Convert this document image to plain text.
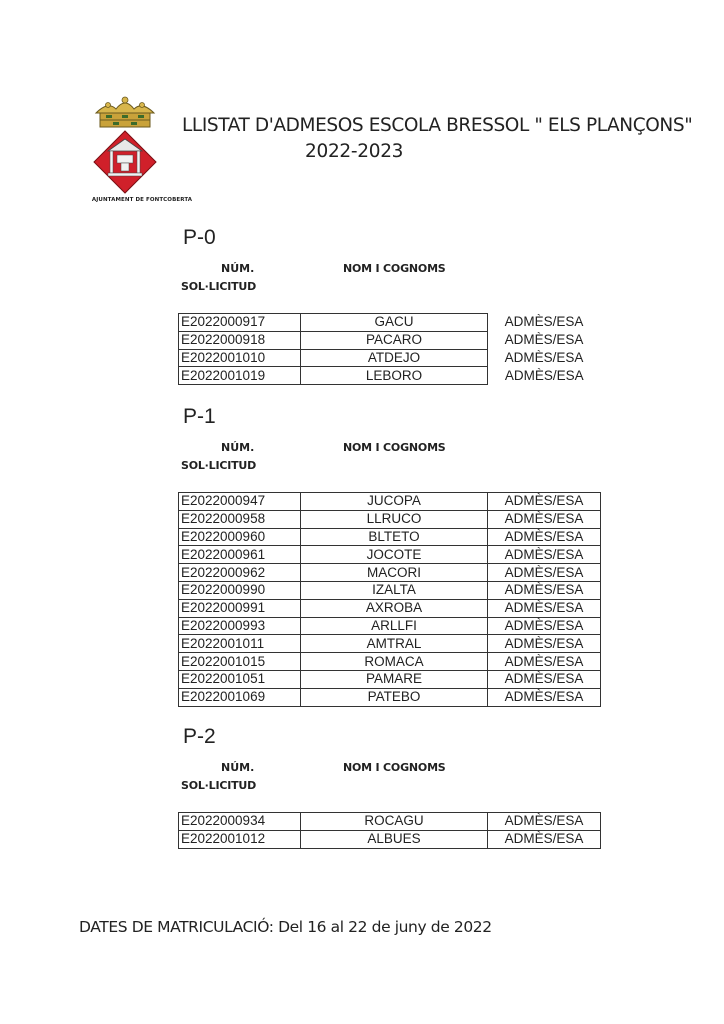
AJUNTAMENT DE FONTCOBERTA
LLISTAT D'ADMESOS ESCOLA BRESSOL " ELS PLANÇONS"
2022-2023
P-0
NÚM.	NOM I COGNOMS
SOL·LICITUD
E2022000917	GACU	ADMÈS/ESA
E2022000918	PACARO	ADMÈS/ESA
E2022001010	ATDEJO	ADMÈS/ESA
E2022001019	LEBORO	ADMÈS/ESA
P-1
NÚM.	NOM I COGNOMS
SOL·LICITUD
E2022000947	JUCOPA	ADMÈS/ESA
E2022000958	LLRUCO	ADMÈS/ESA
E2022000960	BLTETO	ADMÈS/ESA
E2022000961	JOCOTE	ADMÈS/ESA
E2022000962	MACORI	ADMÈS/ESA
E2022000990	IZALTA	ADMÈS/ESA
E2022000991	AXROBA	ADMÈS/ESA
E2022000993	ARLLFI	ADMÈS/ESA
E2022001011	AMTRAL	ADMÈS/ESA
E2022001015	ROMACA	ADMÈS/ESA
E2022001051	PAMARE	ADMÈS/ESA
E2022001069	PATEBO	ADMÈS/ESA
P-2
NÚM.	NOM I COGNOMS
SOL·LICITUD
E2022000934	ROCAGU	ADMÈS/ESA
E2022001012	ALBUES	ADMÈS/ESA
DATES DE MATRICULACIÓ: Del 16 al 22 de juny de 2022
